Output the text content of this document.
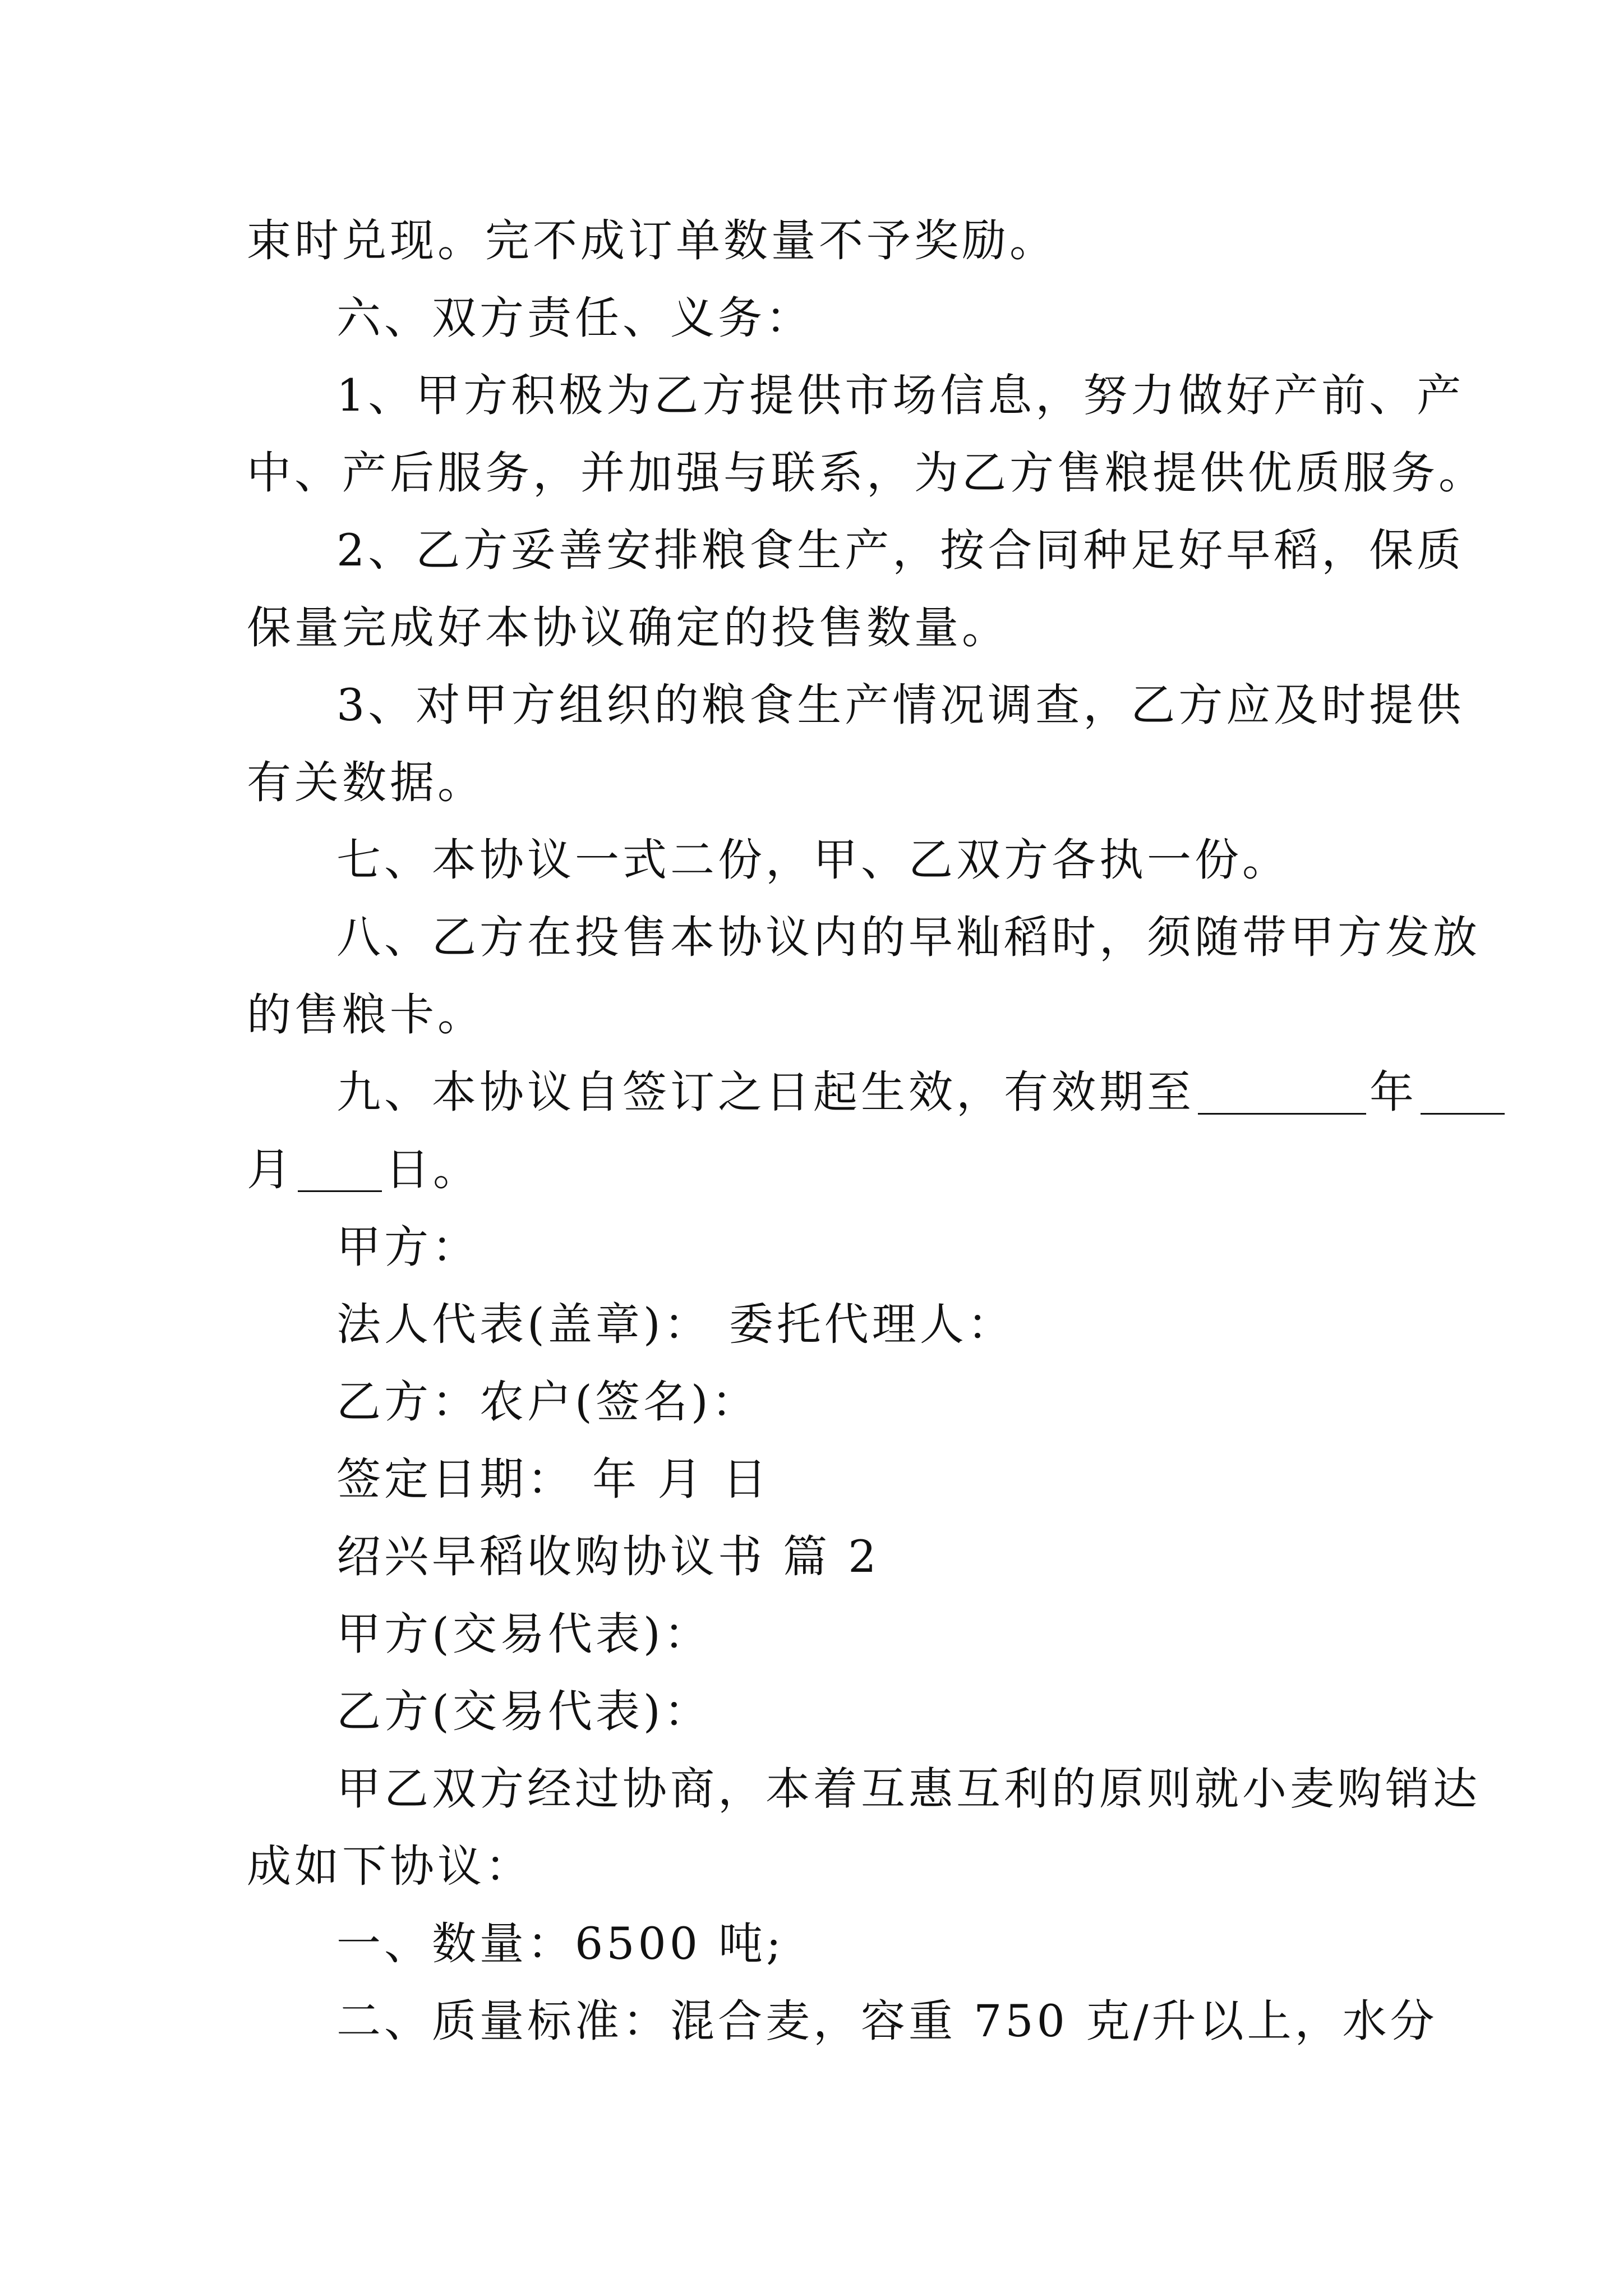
束时兑现。完不成订单数量不予奖励。
六、双方责任、义务：
1、甲方积极为乙方提供市场信息，努力做好产前、产
中、产后服务，并加强与联系，为乙方售粮提供优质服务。
2、乙方妥善安排粮食生产，按合同种足好早稻，保质
保量完成好本协议确定的投售数量。
3、对甲方组织的粮食生产情况调查，乙方应及时提供
有关数据。
七、本协议一式二份，甲、乙双方各执一份。
八、乙方在投售本协议内的早籼稻时，须随带甲方发放
的售粮卡。
九、本协议自签订之日起生效，有效期至	年
月 日。
甲方：
法人代表(盖章)： 委托代理人：
乙方：农户(签名)：
签定日期： 年 月 日
绍兴早稻收购协议书 篇 2
甲方(交易代表)：
乙方(交易代表)：
甲乙双方经过协商，本着互惠互利的原则就小麦购销达
成如下协议：
一、数量：6500 吨;
二、质量标准：混合麦，容重 750 克/升以上，水分
